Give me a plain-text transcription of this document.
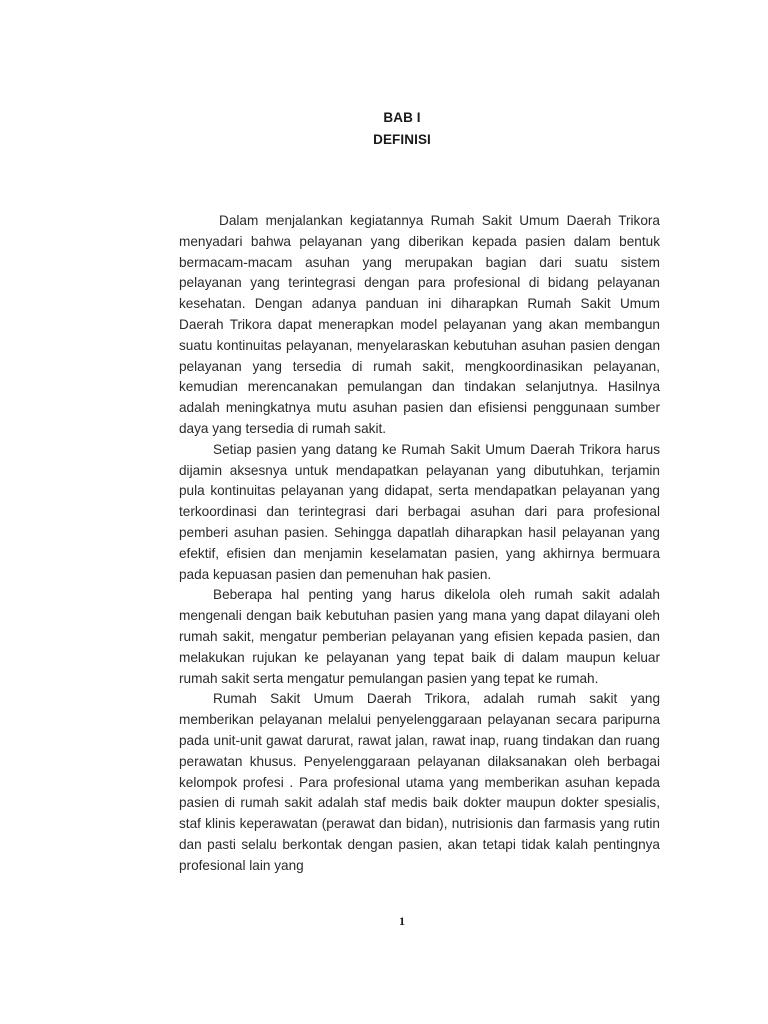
BAB I
DEFINISI

Dalam menjalankan kegiatannya Rumah Sakit Umum Daerah Trikora menyadari bahwa pelayanan yang diberikan kepada pasien dalam bentuk bermacam-macam asuhan yang merupakan bagian dari suatu sistem pelayanan yang terintegrasi dengan para profesional di bidang pelayanan kesehatan. Dengan adanya panduan ini diharapkan Rumah Sakit Umum Daerah Trikora dapat menerapkan model pelayanan yang akan membangun suatu kontinuitas pelayanan, menyelaraskan kebutuhan asuhan pasien dengan pelayanan yang tersedia di rumah sakit, mengkoordinasikan pelayanan, kemudian merencanakan pemulangan dan tindakan selanjutnya. Hasilnya adalah meningkatnya mutu asuhan pasien dan efisiensi penggunaan sumber daya yang tersedia di rumah sakit.

Setiap pasien yang datang ke Rumah Sakit Umum Daerah Trikora harus dijamin aksesnya untuk mendapatkan pelayanan yang dibutuhkan, terjamin pula kontinuitas pelayanan yang didapat, serta mendapatkan pelayanan yang terkoordinasi dan terintegrasi dari berbagai asuhan dari para profesional pemberi asuhan pasien. Sehingga dapatlah diharapkan hasil pelayanan yang efektif, efisien dan menjamin keselamatan pasien, yang akhirnya bermuara pada kepuasan pasien dan pemenuhan hak pasien.

Beberapa hal penting yang harus dikelola oleh rumah sakit adalah mengenali dengan baik kebutuhan pasien yang mana yang dapat dilayani oleh rumah sakit, mengatur pemberian pelayanan yang efisien kepada pasien, dan melakukan rujukan ke pelayanan yang tepat baik di dalam maupun keluar rumah sakit serta mengatur pemulangan pasien yang tepat ke rumah.

Rumah Sakit Umum Daerah Trikora, adalah rumah sakit yang memberikan pelayanan melalui penyelenggaraan pelayanan secara paripurna pada unit-unit gawat darurat, rawat jalan, rawat inap, ruang tindakan dan ruang perawatan khusus. Penyelenggaraan pelayanan dilaksanakan oleh berbagai kelompok profesi . Para profesional utama yang memberikan asuhan kepada pasien di rumah sakit adalah staf medis baik dokter maupun dokter spesialis, staf klinis keperawatan (perawat dan bidan), nutrisionis dan farmasis yang rutin dan pasti selalu berkontak dengan pasien, akan tetapi tidak kalah pentingnya profesional lain yang

1
